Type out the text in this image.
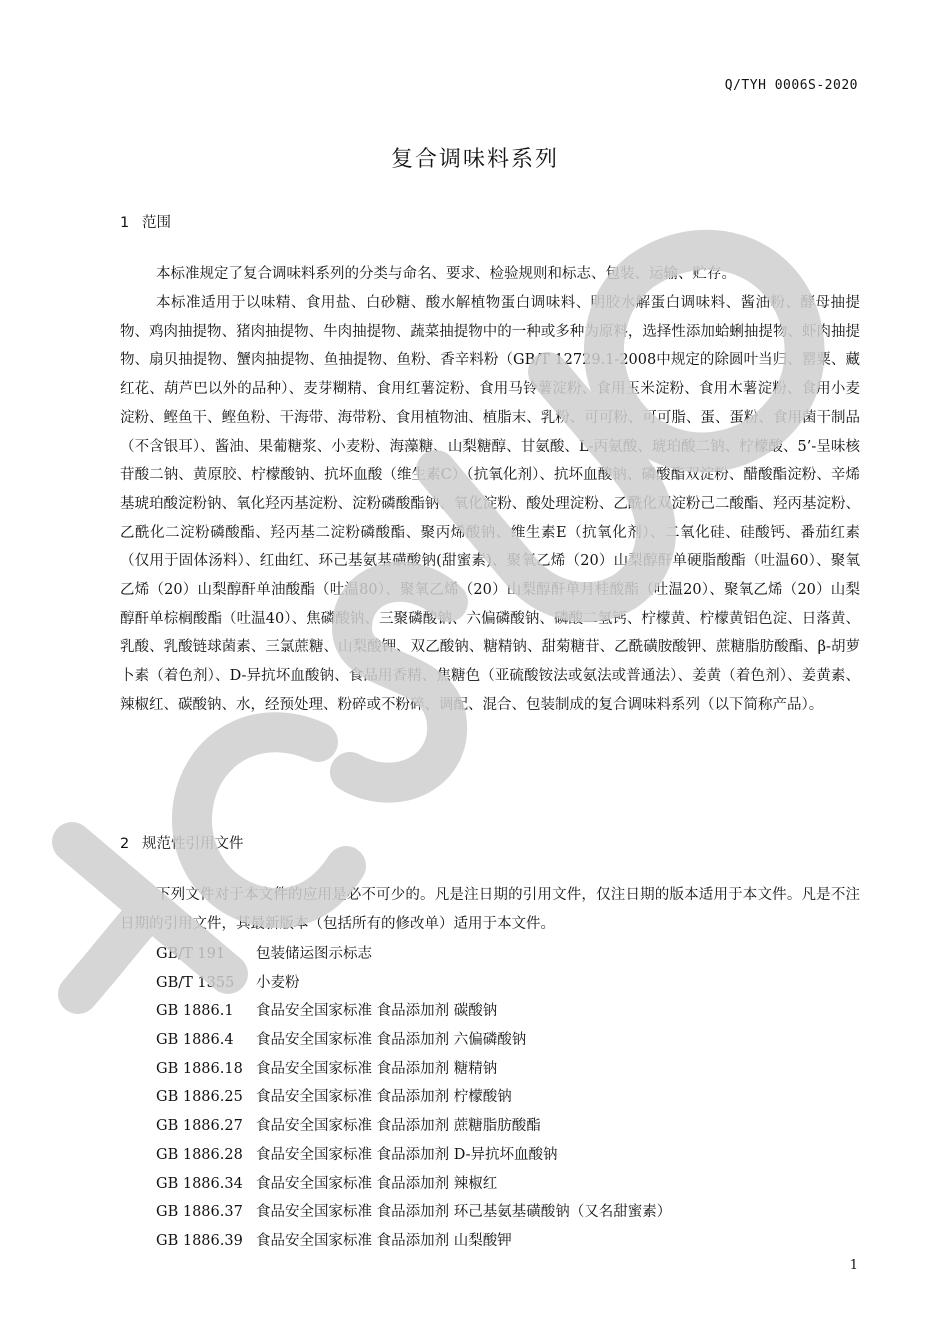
Q/TYH 0006S-2020
复合调味料系列
1 范围
本标准规定了复合调味料系列的分类与命名、要求、检验规则和标志、包装、运输、贮存。
本标准适用于以味精、食用盐、白砂糖、酸水解植物蛋白调味料、明胶水解蛋白调味料、酱油粉、酵母抽提物、鸡肉抽提物、猪肉抽提物、牛肉抽提物、蔬菜抽提物中的一种或多种为原料，选择性添加蛤蜊抽提物、虾肉抽提物、扇贝抽提物、蟹肉抽提物、鱼抽提物、鱼粉、香辛料粉（GB/T 12729.1-2008中规定的除圆叶当归、罂粟、藏红花、葫芦巴以外的品种）、麦芽糊精、食用红薯淀粉、食用马铃薯淀粉、食用玉米淀粉、食用木薯淀粉、食用小麦淀粉、鲣鱼干、鲣鱼粉、干海带、海带粉、食用植物油、植脂末、乳粉、可可粉、可可脂、蛋、蛋粉、食用菌干制品（不含银耳）、酱油、果葡糖浆、小麦粉、海藻糖、山梨糖醇、甘氨酸、L-丙氨酸、琥珀酸二钠、柠檬酸、5’-呈味核苷酸二钠、黄原胶、柠檬酸钠、抗坏血酸（维生素C）（抗氧化剂）、抗坏血酸钠、磷酸酯双淀粉、醋酸酯淀粉、辛烯基琥珀酸淀粉钠、氧化羟丙基淀粉、淀粉磷酸酯钠、氧化淀粉、酸处理淀粉、乙酰化双淀粉己二酸酯、羟丙基淀粉、乙酰化二淀粉磷酸酯、羟丙基二淀粉磷酸酯、聚丙烯酸钠、维生素E（抗氧化剂）、二氧化硅、硅酸钙、番茄红素（仅用于固体汤料）、红曲红、环己基氨基磺酸钠(甜蜜素)、聚氧乙烯（20）山梨醇酐单硬脂酸酯（吐温60）、聚氧乙烯（20）山梨醇酐单油酸酯（吐温80）、聚氧乙烯（20）山梨醇酐单月桂酸酯（吐温20）、聚氧乙烯（20）山梨醇酐单棕榈酸酯（吐温40）、焦磷酸钠、三聚磷酸钠、六偏磷酸钠、磷酸二氢钙、柠檬黄、柠檬黄铝色淀、日落黄、乳酸、乳酸链球菌素、三氯蔗糖、山梨酸钾、双乙酸钠、糖精钠、甜菊糖苷、乙酰磺胺酸钾、蔗糖脂肪酸酯、β-胡萝卜素（着色剂）、D-异抗坏血酸钠、食品用香精、焦糖色（亚硫酸铵法或氨法或普通法）、姜黄（着色剂）、姜黄素、辣椒红、碳酸钠、水，经预处理、粉碎或不粉碎、调配、混合、包装制成的复合调味料系列（以下简称产品）。
2 规范性引用文件
下列文件对于本文件的应用是必不可少的。凡是注日期的引用文件，仅注日期的版本适用于本文件。凡是不注日期的引用文件，其最新版本（包括所有的修改单）适用于本文件。
GB/T 191 包装储运图示标志
GB/T 1355 小麦粉
GB 1886.1 食品安全国家标准 食品添加剂 碳酸钠
GB 1886.4 食品安全国家标准 食品添加剂 六偏磷酸钠
GB 1886.18 食品安全国家标准 食品添加剂 糖精钠
GB 1886.25 食品安全国家标准 食品添加剂 柠檬酸钠
GB 1886.27 食品安全国家标准 食品添加剂 蔗糖脂肪酸酯
GB 1886.28 食品安全国家标准 食品添加剂 D-异抗坏血酸钠
GB 1886.34 食品安全国家标准 食品添加剂 辣椒红
GB 1886.37 食品安全国家标准 食品添加剂 环己基氨基磺酸钠（又名甜蜜素）
GB 1886.39 食品安全国家标准 食品添加剂 山梨酸钾
1
